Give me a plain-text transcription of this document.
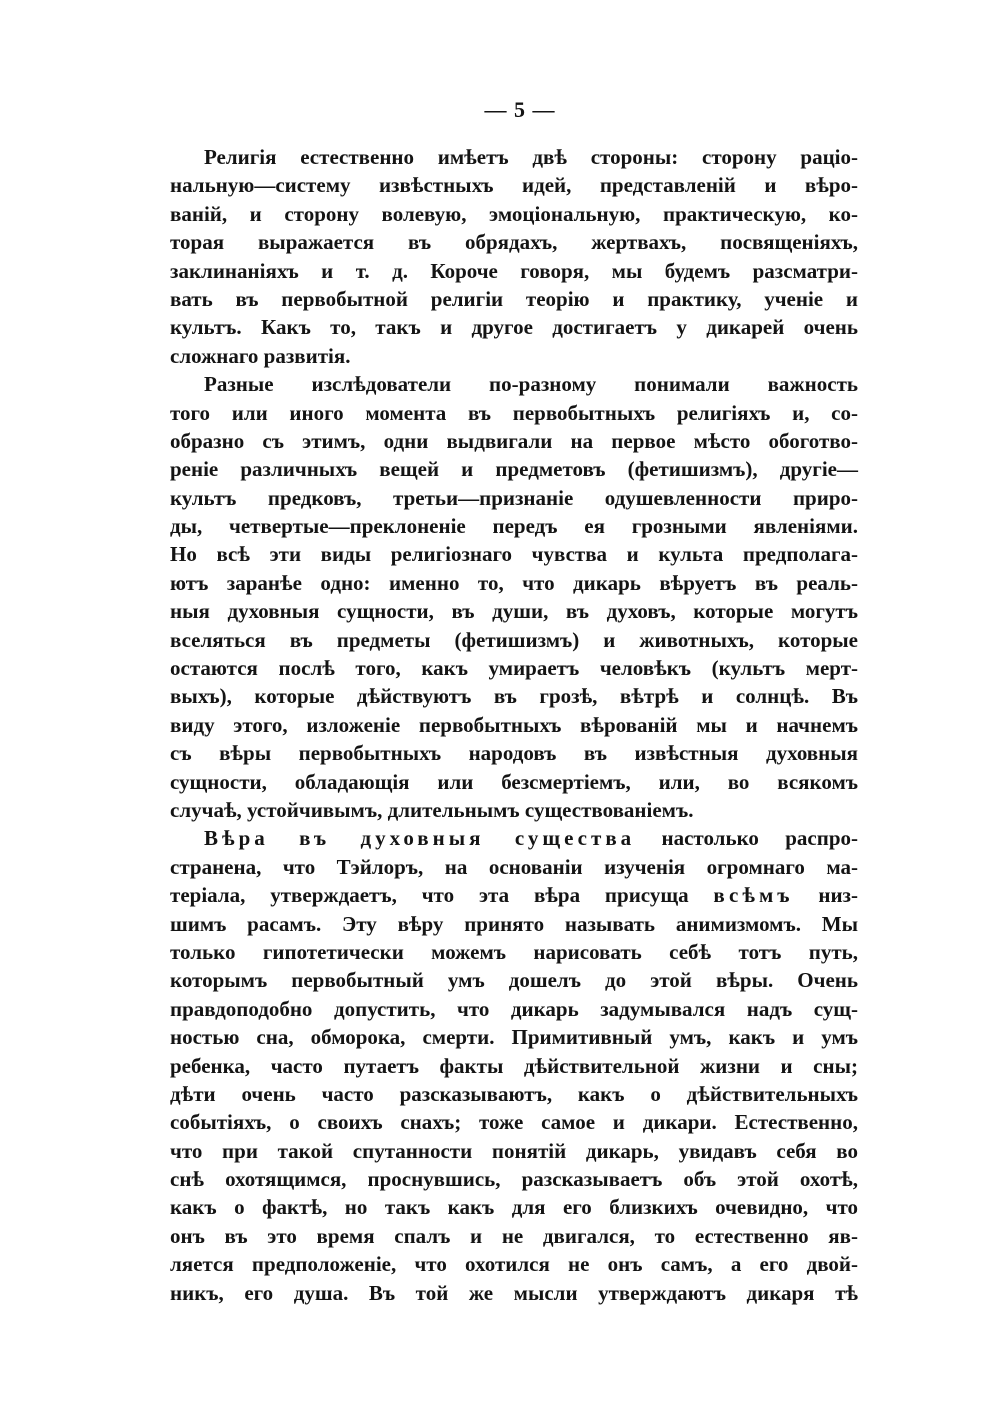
— 5 —
Религія естественно имѣетъ двѣ стороны: сторону раціо-
нальную—систему извѣстныхъ идей, представленій и вѣро-
ваній, и сторону волевую, эмоціональную, практическую, ко-
торая выражается въ обрядахъ, жертвахъ, посвященіяхъ,
заклинаніяхъ и т. д. Короче говоря, мы будемъ разсматри-
вать въ первобытной религіи теорію и практику, ученіе и
культъ. Какъ то, такъ и другое достигаетъ у дикарей очень
сложнаго развитія.
Разные изслѣдователи по-разному понимали важность
того или иного момента въ первобытныхъ религіяхъ и, со-
образно съ этимъ, одни выдвигали на первое мѣсто обоготво-
реніе различныхъ вещей и предметовъ (фетишизмъ), другіе—
культъ предковъ, третьи—признаніе одушевленности приро-
ды, четвертые—преклоненіе передъ ея грозными явленіями.
Но всѣ эти виды религіознаго чувства и культа предполага-
ютъ заранѣе одно: именно то, что дикарь вѣруетъ въ реаль-
ныя духовныя сущности, въ души, въ духовъ, которые могутъ
вселяться въ предметы (фетишизмъ) и животныхъ, которые
остаются послѣ того, какъ умираетъ человѣкъ (культъ мерт-
выхъ), которые дѣйствуютъ въ грозѣ, вѣтрѣ и солнцѣ. Въ
виду этого, изложеніе первобытныхъ вѣрованій мы и начнемъ
съ вѣры первобытныхъ народовъ въ извѣстныя духовныя
сущности, обладающія или безсмертіемъ, или, во всякомъ
случаѣ, устойчивымъ, длительнымъ существованіемъ.
Вѣра въ духовныя существа настолько распро-
странена, что Тэйлоръ, на основаніи изученія огромнаго ма-
теріала, утверждаетъ, что эта вѣра присуща всѣмъ низ-
шимъ расамъ. Эту вѣру принято называть анимизмомъ. Мы
только гипотетически можемъ нарисовать себѣ тотъ путь,
которымъ первобытный умъ дошелъ до этой вѣры. Очень
правдоподобно допустить, что дикарь задумывался надъ сущ-
ностью сна, обморока, смерти. Примитивный умъ, какъ и умъ
ребенка, часто путаетъ факты дѣйствительной жизни и сны;
дѣти очень часто разсказываютъ, какъ о дѣйствительныхъ
событіяхъ, о своихъ снахъ; тоже самое и дикари. Естественно,
что при такой спутанности понятій дикарь, увидавъ себя во
снѣ охотящимся, проснувшись, разсказываетъ объ этой охотѣ,
какъ о фактѣ, но такъ какъ для его близкихъ очевидно, что
онъ въ это время спалъ и не двигался, то естественно яв-
ляется предположеніе, что охотился не онъ самъ, а его двой-
никъ, его душа. Въ той же мысли утверждаютъ дикаря тѣ
